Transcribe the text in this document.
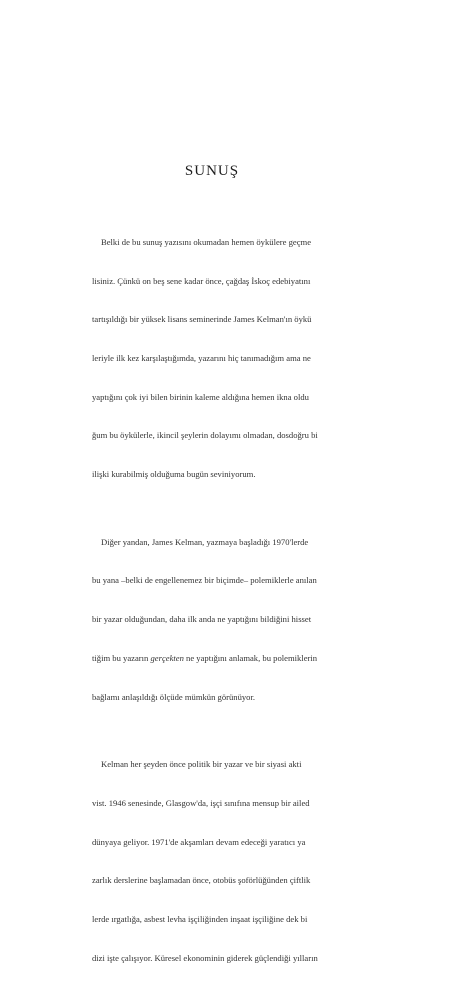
SUNUŞ

Belki de bu sunuş yazısını okumadan hemen öykülere geçme

lisiniz. Çünkü on beş sene kadar önce, çağdaş İskoç edebiyatını

tartışıldığı bir yüksek lisans seminerinde James Kelman'ın öykü

leriyle ilk kez karşılaştığımda, yazarını hiç tanımadığım ama ne

yaptığını çok iyi bilen birinin kaleme aldığına hemen ikna oldu

ğum bu öykülerle, ikincil şeylerin dolayımı olmadan, dosdoğru bi

ilişki kurabilmiş olduğuma bugün seviniyorum.

Diğer yandan, James Kelman, yazmaya başladığı 1970'lerde

bu yana –belki de engellenemez bir biçimde– polemiklerle anılan

bir yazar olduğundan, daha ilk anda ne yaptığını bildiğini hisset

tiğim bu yazarın gerçekten ne yaptığını anlamak, bu polemiklerin

bağlamı anlaşıldığı ölçüde mümkün görünüyor.

Kelman her şeyden önce politik bir yazar ve bir siyasi akti

vist. 1946 senesinde, Glasgow'da, işçi sınıfına mensup bir ailed

dünyaya geliyor. 1971'de akşamları devam edeceği yaratıcı ya

zarlık derslerine başlamadan önce, otobüs şoförlüğünden çiftlik

lerde ırgatlığa, asbest levha işçiliğinden inşaat işçiliğine dek bi

dizi işte çalışıyor. Küresel ekonominin giderek güçlendiği yılların
